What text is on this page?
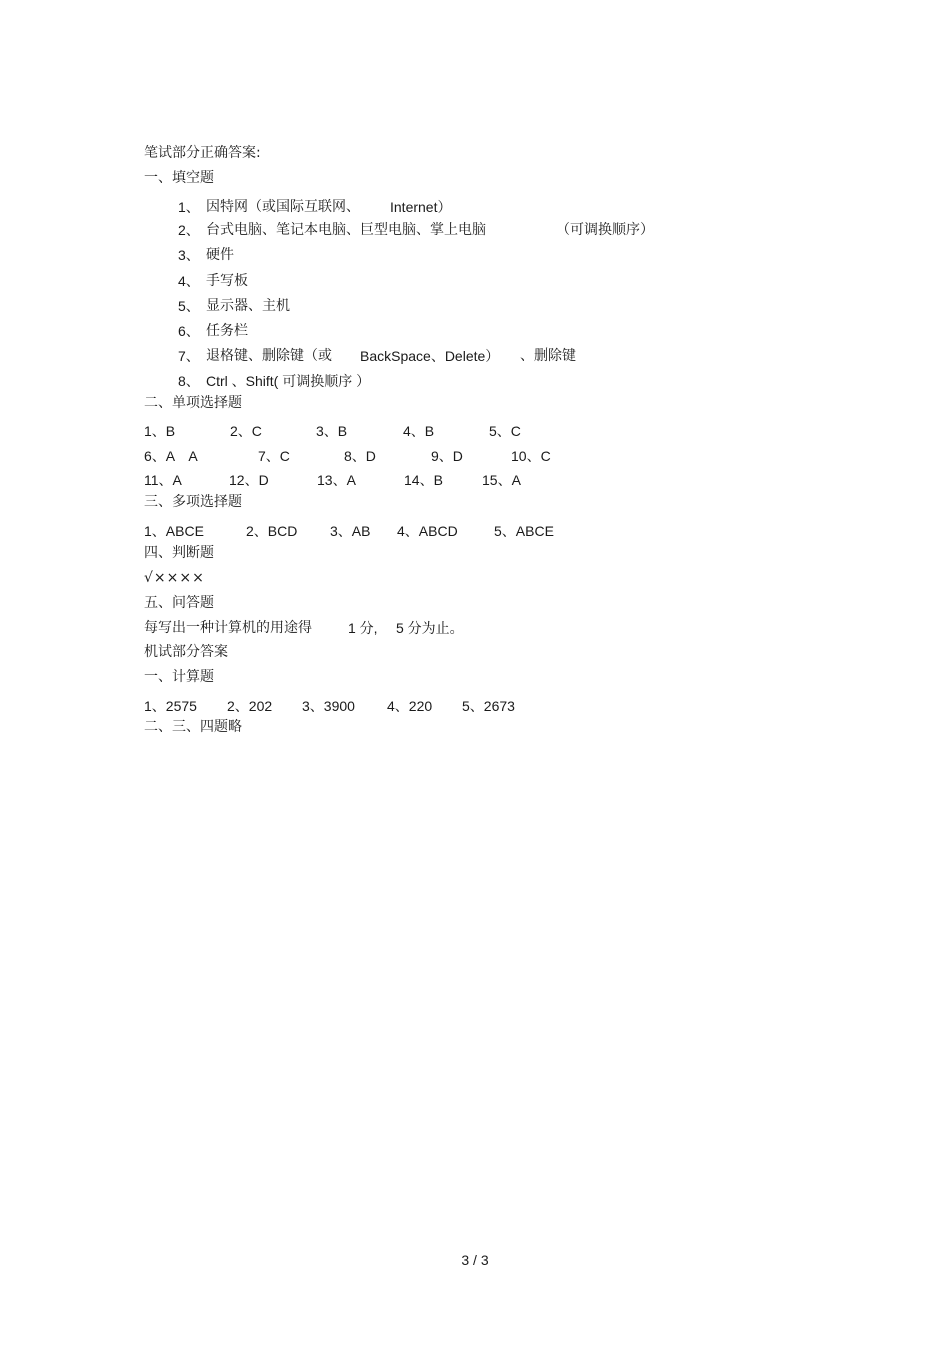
笔试部分正确答案:
一、填空题
1、 因特网（或国际互联网、 Internet）
2、 台式电脑、笔记本电脑、巨型电脑、掌上电脑	（可调换顺序）
3、 硬件
4、 手写板
5、 显示器、主机
6、 任务栏
7、 退格键、删除键（或 BackSpace、Delete） 、删除键
8、 Ctrl 、Shift( 可调换顺序 ）
二、单项选择题
1、B	2、C	3、B	4、B	5、C
6、A　A	7、C	8、D	9、D	10、C
11、A	12、D	13、A	14、B	15、A
三、多项选择题
1、ABCE	2、BCD 3、AB 4、ABCD	5、ABCE
四、判断题
√××××
五、问答题
每写出一种计算机的用途得	1 分, 5 分为止。
机试部分答案
一、计算题
1、2575 2、202 3、3900 4、220 5、2673
二、三、四题略
3 / 3
